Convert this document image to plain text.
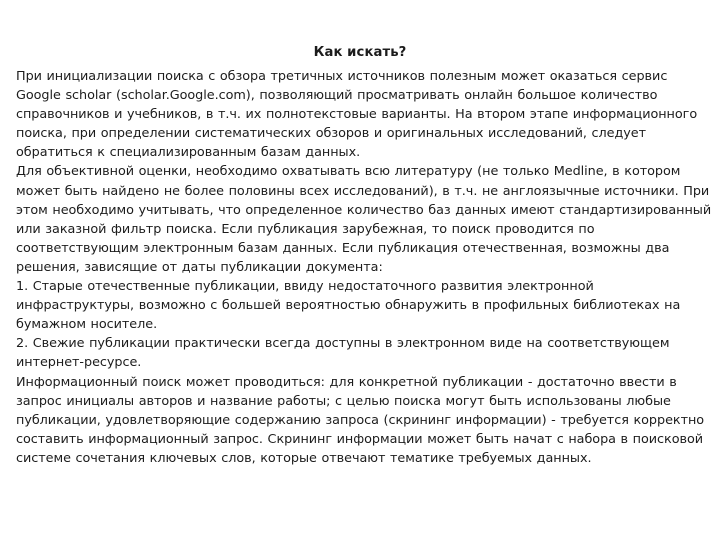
Как искать?

При инициализации поиска с обзора третичных источников полезным может оказаться сервис Google scholar (scholar.Google.com), позволяющий просматривать онлайн большое количество справочников и учебников, в т.ч. их полнотекстовые варианты. На втором этапе информационного поиска, при определении систематических обзоров и оригинальных исследований, следует обратиться к специализированным базам данных.

Для объективной оценки, необходимо охватывать всю литературу (не только Medline, в котором может быть найдено не более половины всех исследований), в т.ч. не англоязычные источники. При этом необходимо учитывать, что определенное количество баз данных имеют стандартизированный или заказной фильтр поиска. Если публикация зарубежная, то поиск проводится по соответствующим электронным базам данных. Если публикация отечественная, возможны два решения, зависящие от даты публикации документа:

1. Старые отечественные публикации, ввиду недостаточного развития электронной инфраструктуры, возможно с большей вероятностью обнаружить в профильных библиотеках на бумажном носителе.

2. Свежие публикации практически всегда доступны в электронном виде на соответствующем интернет-ресурсе.

Информационный поиск может проводиться: для конкретной публикации - достаточно ввести в запрос инициалы авторов и название работы; с целью поиска могут быть использованы любые публикации, удовлетворяющие содержанию запроса (скрининг информации) - требуется корректно составить информационный запрос. Скрининг информации может быть начат с набора в поисковой системе сочетания ключевых слов, которые отвечают тематике требуемых данных.
